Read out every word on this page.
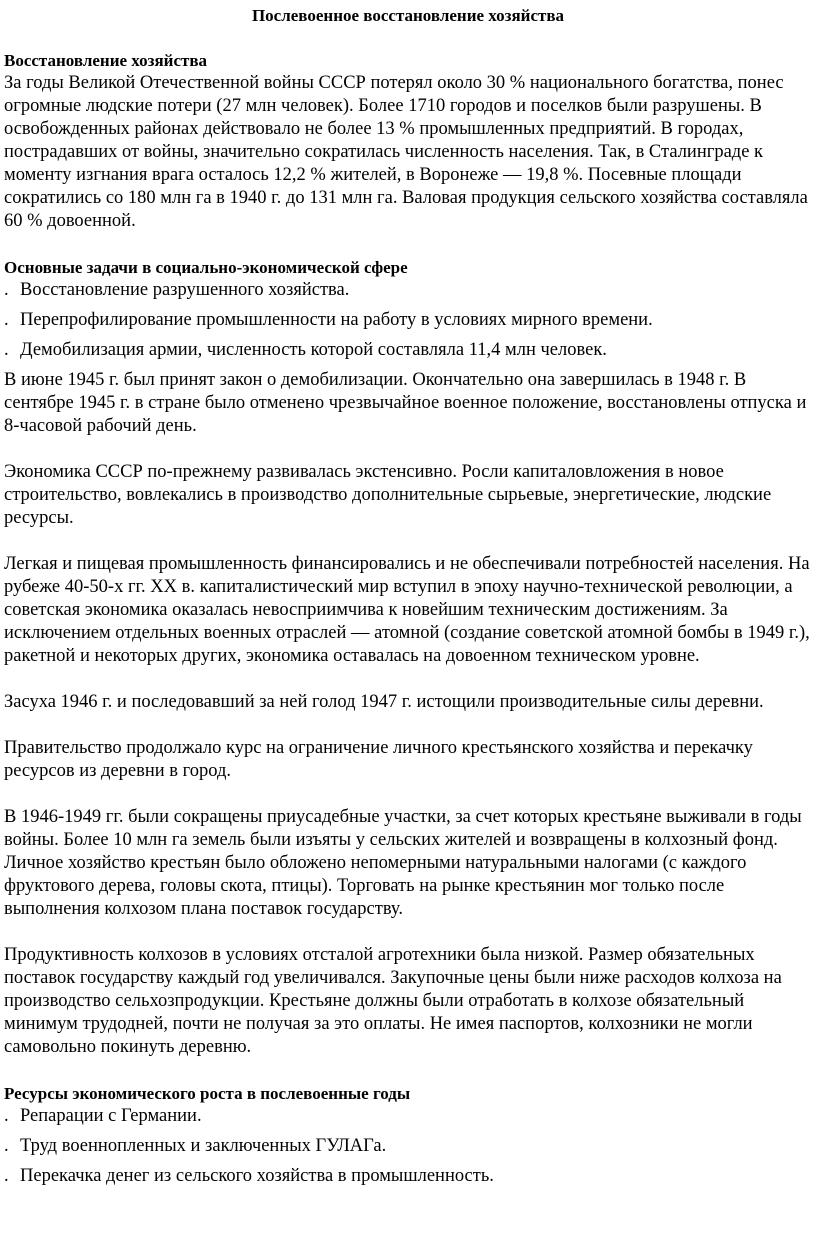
Послевоенное восстановление хозяйства
Восстановление хозяйства

За годы Великой Отечественной войны СССР потерял около 30 % национального богатства, понес огромные людские потери (27 млн человек). Более 1710 городов и поселков были разрушены. В освобожденных районах действовало не более 13 % промышленных предприятий. В городах, пострадавших от войны, значительно сократилась численность населения. Так, в Сталинграде к моменту изгнания врага осталось 12,2 % жителей, в Воронеже — 19,8 %. Посевные площади сократились со 180 млн га в 1940 г. до 131 млн га. Валовая продукция сельского хозяйства составляла 60 % довоенной.

Основные задачи в социально-экономической сфере
. Восстановление разрушенного хозяйства.
. Перепрофилирование промышленности на работу в условиях мирного времени.
. Демобилизация армии, численность которой составляла 11,4 млн человек.

В июне 1945 г. был принят закон о демобилизации. Окончательно она завершилась в 1948 г. В сентябре 1945 г. в стране было отменено чрезвычайное военное положение, восстановлены отпуска и 8-часовой рабочий день.

Экономика СССР по-прежнему развивалась экстенсивно. Росли капиталовложения в новое строительство, вовлекались в производство дополнительные сырьевые, энергетические, людские ресурсы.

Легкая и пищевая промышленность финансировались и не обеспечивали потребностей населения. На рубеже 40-50-х гг. XX в. капиталистический мир вступил в эпоху научно-технической революции, а советская экономика оказалась невосприимчива к новейшим техническим достижениям. За исключением отдельных военных отраслей — атомной (создание советской атомной бомбы в 1949 г.), ракетной и некоторых других, экономика оставалась на довоенном техническом уровне.

Засуха 1946 г. и последовавший за ней голод 1947 г. истощили производительные силы деревни.

Правительство продолжало курс на ограничение личного крестьянского хозяйства и перекачку ресурсов из деревни в город.

В 1946-1949 гг. были сокращены приусадебные участки, за счет которых крестьяне выживали в годы войны. Более 10 млн га земель были изъяты у сельских жителей и возвращены в колхозный фонд. Личное хозяйство крестьян было обложено непомерными натуральными налогами (с каждого фруктового дерева, головы скота, птицы). Торговать на рынке крестьянин мог только после выполнения колхозом плана поставок государству.

Продуктивность колхозов в условиях отсталой агротехники была низкой. Размер обязательных поставок государству каждый год увеличивался. Закупочные цены были ниже расходов колхоза на производство сельхозпродукции. Крестьяне должны были отработать в колхозе обязательный минимум трудодней, почти не получая за это оплаты. Не имея паспортов, колхозники не могли самовольно покинуть деревню.

Ресурсы экономического роста в послевоенные годы
. Репарации с Германии.
. Труд военнопленных и заключенных ГУЛАГа.
. Перекачка денег из сельского хозяйства в промышленность.
